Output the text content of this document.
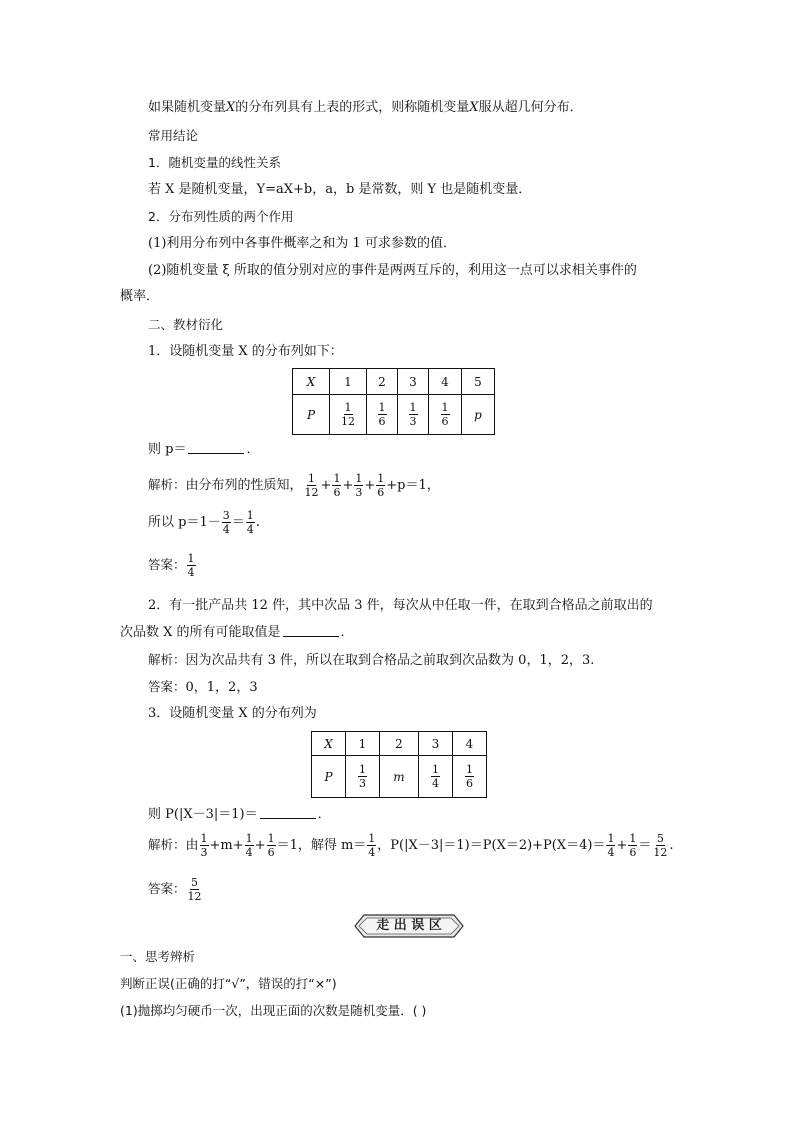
如果随机变量X的分布列具有上表的形式，则称随机变量X服从超几何分布．
常用结论
1．随机变量的线性关系
若 X 是随机变量，Y=aX+b，a，b 是常数，则 Y 也是随机变量．
2．分布列性质的两个作用
(1)利用分布列中各事件概率之和为 1 可求参数的值．
(2)随机变量 ξ 所取的值分别对应的事件是两两互斥的，利用这一点可以求相关事件的
概率．
二、教材衍化
1．设随机变量 X 的分布列如下：
X	1	2	3	4	5
P	$\frac{1}{12}$	$\frac{1}{6}$	$\frac{1}{3}$	$\frac{1}{6}$	p
则 p＝	．
解析：由分布列的性质知， $\frac{1}{12} + \frac{1}{6} + \frac{1}{3} + \frac{1}{6} +p=1$，
所以 $p=1- \frac{3}{4} = \frac{1}{4}$ .
答案： $\frac{1}{4}$
2．有一批产品共 12 件，其中次品 3 件，每次从中任取一件，在取到合格品之前取出的
次品数 X 的所有可能取值是	．
解析：因为次品共有 3 件，所以在取到合格品之前取到次品数为 0，1，2，3.
答案：0，1，2，3
3．设随机变量 X 的分布列为
X	1	2	3	4
P	$\frac{1}{3}$	m	$\frac{1}{4}$	$\frac{1}{6}$
则 P(|X－3|＝1)＝	．
解析：由 $\frac{1}{3} +m+ \frac{1}{4} + \frac{1}{6} =1$，解得 $m= \frac{1}{4}$ ，$P(|X-3|=1)=P(X=2)+P(X=4)= \frac{1}{4} + \frac{1}{6} = \frac{5}{12}$ .
答案： $\frac{5}{12}$
走 出 误 区
一、思考辨析
判断正误(正确的打“√”，错误的打“×”)
(1)抛掷均匀硬币一次，出现正面的次数是随机变量．( )
